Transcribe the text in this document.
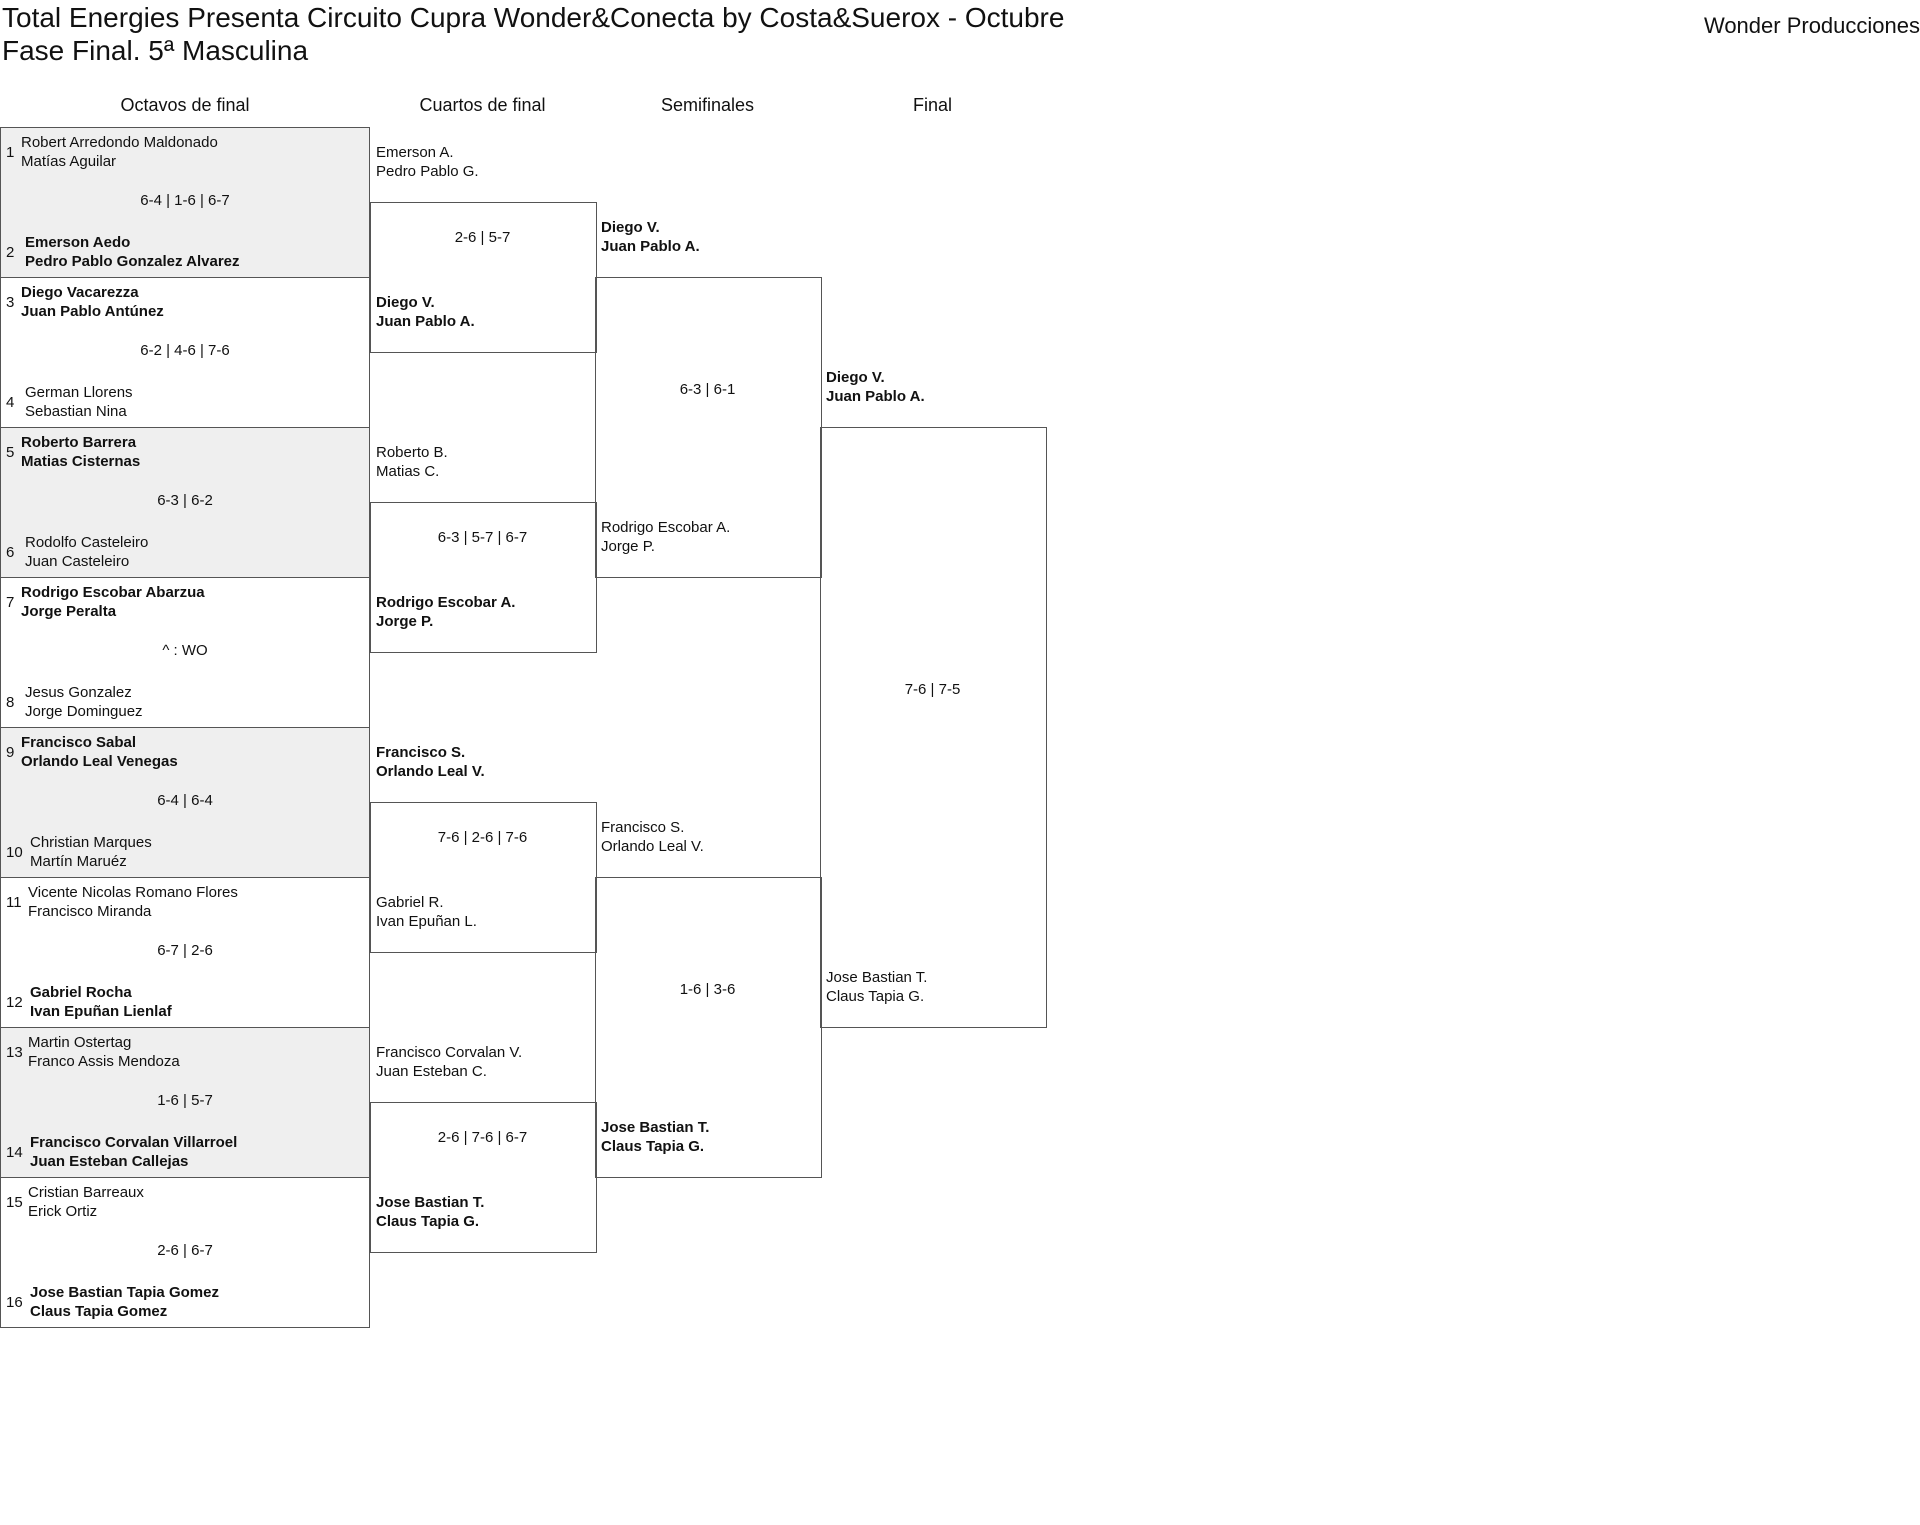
Total Energies Presenta Circuito Cupra Wonder&Conecta by Costa&Suerox - Octubre
Fase Final. 5ª Masculina
Wonder Producciones
Octavos de final	Cuartos de final	Semifinales	Final
1
Robert Arredondo Maldonado
Matías Aguilar
6-4 | 1-6 | 6-7
2
Emerson Aedo
Pedro Pablo Gonzalez Alvarez
3
Diego Vacarezza
Juan Pablo Antúnez
6-2 | 4-6 | 7-6
4
German Llorens
Sebastian Nina
5
Roberto Barrera
Matias Cisternas
6-3 | 6-2
6
Rodolfo Casteleiro
Juan Casteleiro
7
Rodrigo Escobar Abarzua
Jorge Peralta
^ : WO
8
Jesus Gonzalez
Jorge Dominguez
9
Francisco Sabal
Orlando Leal Venegas
6-4 | 6-4
10
Christian Marques
Martín Maruéz
11
Vicente Nicolas Romano Flores
Francisco Miranda
6-7 | 2-6
12
Gabriel Rocha
Ivan Epuñan Lienlaf
13
Martin Ostertag
Franco Assis Mendoza
1-6 | 5-7
14
Francisco Corvalan Villarroel
Juan Esteban Callejas
15
Cristian Barreaux
Erick Ortiz
2-6 | 6-7
16
Jose Bastian Tapia Gomez
Claus Tapia Gomez
Emerson A.
Pedro Pablo G.
2-6 | 5-7
Diego V.
Juan Pablo A.
Roberto B.
Matias C.
6-3 | 5-7 | 6-7
Rodrigo Escobar A.
Jorge P.
Francisco S.
Orlando Leal V.
7-6 | 2-6 | 7-6
Gabriel R.
Ivan Epuñan L.
Francisco Corvalan V.
Juan Esteban C.
2-6 | 7-6 | 6-7
Jose Bastian T.
Claus Tapia G.
Diego V.
Juan Pablo A.
6-3 | 6-1
Rodrigo Escobar A.
Jorge P.
Francisco S.
Orlando Leal V.
1-6 | 3-6
Jose Bastian T.
Claus Tapia G.
Diego V.
Juan Pablo A.
7-6 | 7-5
Jose Bastian T.
Claus Tapia G.
